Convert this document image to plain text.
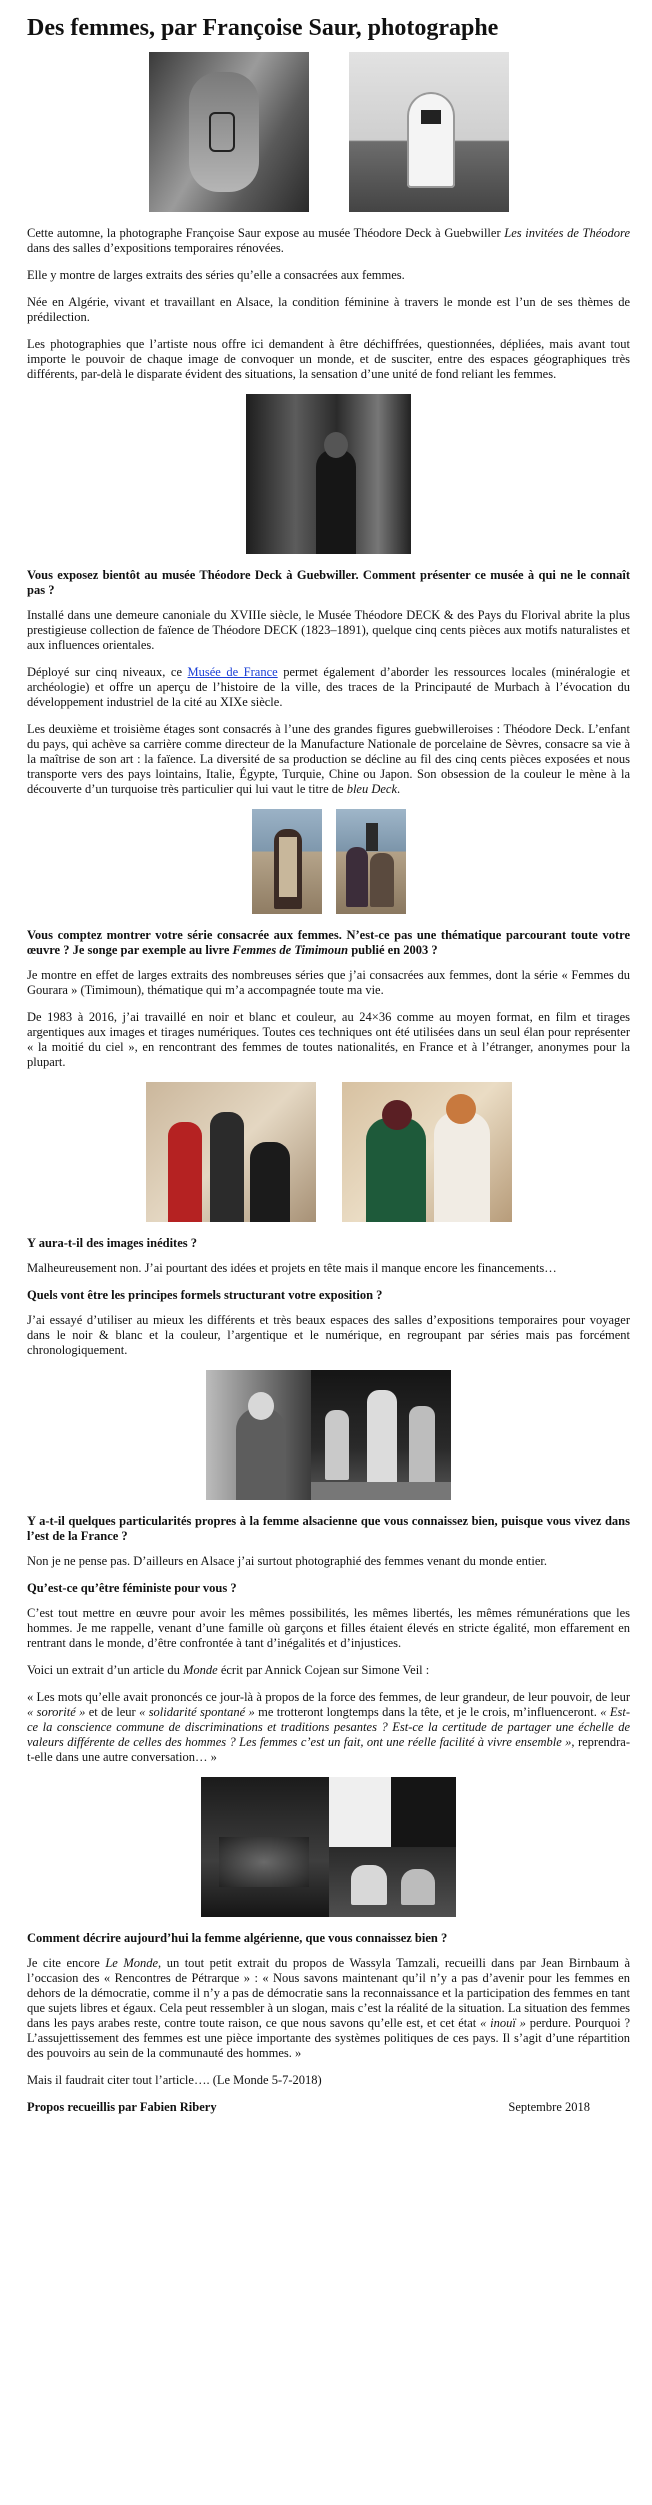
Des femmes, par Françoise Saur, photographe

Cette automne, la photographe Françoise Saur expose au musée Théodore Deck à Guebwiller Les invitées de Théodore dans des salles d’expositions temporaires rénovées.

Elle y montre de larges extraits des séries qu’elle a consacrées aux femmes.

Née en Algérie, vivant et travaillant en Alsace, la condition féminine à travers le monde est l’un de ses thèmes de prédilection.

Les photographies que l’artiste nous offre ici demandent à être déchiffrées, questionnées, dépliées, mais avant tout importe le pouvoir de chaque image de convoquer un monde, et de susciter, entre des espaces géographiques très différents, par-delà le disparate évident des situations, la sensation d’une unité de fond reliant les femmes.

Vous exposez bientôt au musée Théodore Deck à Guebwiller. Comment présenter ce musée à qui ne le connaît pas ?

Installé dans une demeure canoniale du XVIIIe siècle, le Musée Théodore DECK & des Pays du Florival abrite la plus prestigieuse collection de faïence de Théodore DECK (1823–1891), quelque cinq cents pièces aux motifs naturalistes et aux influences orientales.

Déployé sur cinq niveaux, ce Musée de France permet également d’aborder les ressources locales (minéralogie et archéologie) et offre un aperçu de l’histoire de la ville, des traces de la Principauté de Murbach à l’évocation du développement industriel de la cité au XIXe siècle.

Les deuxième et troisième étages sont consacrés à l’une des grandes figures guebwilleroises : Théodore Deck. L’enfant du pays, qui achève sa carrière comme directeur de la Manufacture Nationale de porcelaine de Sèvres, consacre sa vie à la maîtrise de son art : la faïence. La diversité de sa production se décline au fil des cinq cents pièces exposées et nous transporte vers des pays lointains, Italie, Égypte, Turquie, Chine ou Japon. Son obsession de la couleur le mène à la découverte d’un turquoise très particulier qui lui vaut le titre de bleu Deck.

Vous comptez montrer votre série consacrée aux femmes. N’est-ce pas une thématique parcourant toute votre œuvre ? Je songe par exemple au livre Femmes de Timimoun publié en 2003 ?

Je montre en effet de larges extraits des nombreuses séries que j’ai consacrées aux femmes, dont la série « Femmes du Gourara » (Timimoun), thématique qui m’a accompagnée toute ma vie.

De 1983 à 2016, j’ai travaillé en noir et blanc et couleur, au 24×36 comme au moyen format, en film et tirages argentiques aux images et tirages numériques. Toutes ces techniques ont été utilisées dans un seul élan pour représenter « la moitié du ciel », en rencontrant des femmes de toutes nationalités, en France et à l’étranger, anonymes pour la plupart.

Y aura-t-il des images inédites ?

Malheureusement non. J’ai pourtant des idées et projets en tête mais il manque encore les financements…

Quels vont être les principes formels structurant votre exposition ?

J’ai essayé d’utiliser au mieux les différents et très beaux espaces des salles d’expositions temporaires pour voyager dans le noir & blanc et la couleur, l’argentique et le numérique, en regroupant par séries mais pas forcément chronologiquement.

Y a-t-il quelques particularités propres à la femme alsacienne que vous connaissez bien, puisque vous vivez dans l’est de la France ?

Non je ne pense pas. D’ailleurs en Alsace j’ai surtout photographié des femmes venant du monde entier.

Qu’est-ce qu’être féministe pour vous ?

C’est tout mettre en œuvre pour avoir les mêmes possibilités, les mêmes libertés, les mêmes rémunérations que les hommes. Je me rappelle, venant d’une famille où garçons et filles étaient élevés en stricte égalité, mon effarement en rentrant dans le monde, d’être confrontée à tant d’inégalités et d’injustices.

Voici un extrait d’un article du Monde écrit par Annick Cojean sur Simone Veil :

« Les mots qu’elle avait prononcés ce jour-là à propos de la force des femmes, de leur grandeur, de leur pouvoir, de leur « sororité » et de leur « solidarité spontané » me trotteront longtemps dans la tête, et je le crois, m’influenceront. « Est-ce la conscience commune de discriminations et traditions pesantes ? Est-ce la certitude de partager une échelle de valeurs différente de celles des hommes ? Les femmes c’est un fait, ont une réelle facilité à vivre ensemble », reprendra-t-elle dans une autre conversation… »

Comment décrire aujourd’hui la femme algérienne, que vous connaissez bien ?

Je cite encore Le Monde, un tout petit extrait du propos de Wassyla Tamzali, recueilli dans par Jean Birnbaum à l’occasion des « Rencontres de Pétrarque » : « Nous savons maintenant qu’il n’y a pas d’avenir pour les femmes en dehors de la démocratie, comme il n’y a pas de démocratie sans la reconnaissance et la participation des femmes en tant que sujets libres et égaux. Cela peut ressembler à un slogan, mais c’est la réalité de la situation. La situation des femmes dans les pays arabes reste, contre toute raison, ce que nous savons qu’elle est, et cet état « inouï » perdure. Pourquoi ? L’assujettissement des femmes est une pièce importante des systèmes politiques de ces pays. Il s’agit d’une répartition des pouvoirs au sein de la communauté des hommes. »

Mais il faudrait citer tout l’article…. (Le Monde 5-7-2018)

Propos recueillis par Fabien Ribery	Septembre 2018
